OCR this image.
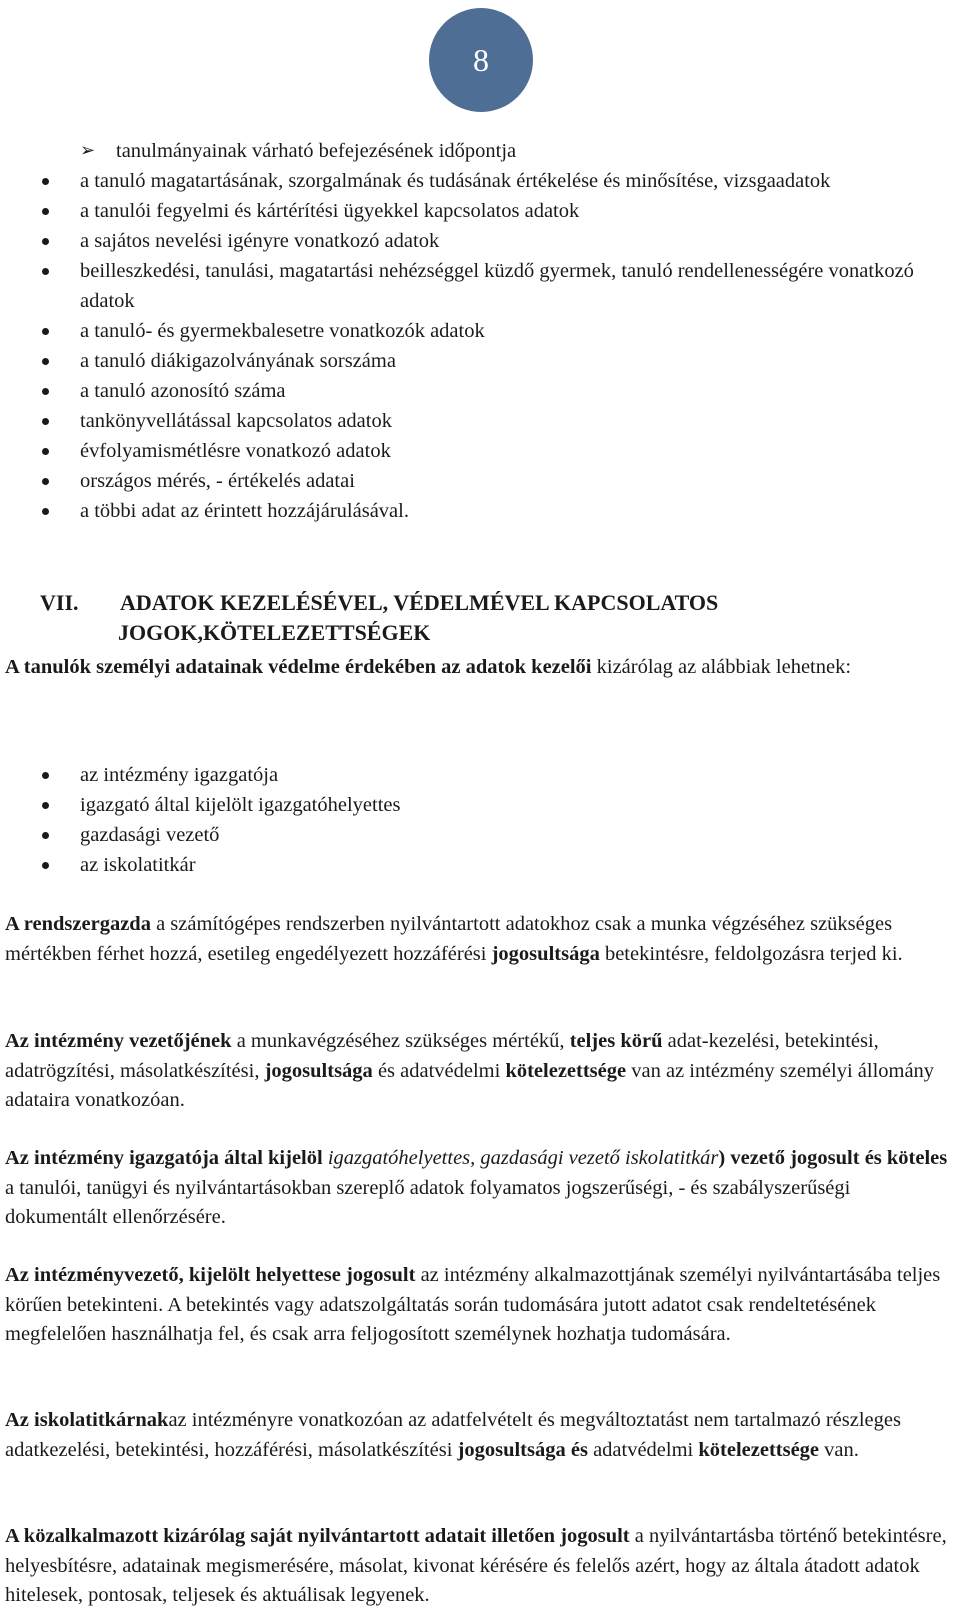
8
➢	tanulmányainak várható befejezésének időpontja
a tanuló magatartásának, szorgalmának és tudásának értékelése és minősítése, vizsgaadatok
a tanulói fegyelmi és kártérítési ügyekkel kapcsolatos adatok
a sajátos nevelési igényre vonatkozó adatok
beilleszkedési, tanulási, magatartási nehézséggel küzdő gyermek, tanuló rendellenességére vonatkozó adatok
a tanuló- és gyermekbalesetre vonatkozók adatok
a tanuló diákigazolványának sorszáma
a tanuló azonosító száma
tankönyvellátással kapcsolatos adatok
évfolyamismétlésre vonatkozó adatok
országos mérés, - értékelés adatai
a többi adat az érintett hozzájárulásával.
VII. ADATOK KEZELÉSÉVEL, VÉDELMÉVEL KAPCSOLATOS
JOGOK,KÖTELEZETTSÉGEK

A tanulók személyi adatainak védelme érdekében az adatok kezelői kizárólag az alábbiak lehetnek:

az intézmény igazgatója
igazgató által kijelölt igazgatóhelyettes
gazdasági vezető
az iskolatitkár

A rendszergazda a számítógépes rendszerben nyilvántartott adatokhoz csak a munka végzéséhez szükséges mértékben férhet hozzá, esetileg engedélyezett hozzáférési jogosultsága betekintésre, feldolgozásra terjed ki.

Az intézmény vezetőjének a munkavégzéséhez szükséges mértékű, teljes körű adat-kezelési, betekintési, adatrögzítési, másolatkészítési, jogosultsága és adatvédelmi kötelezettsége van az intézmény személyi állomány adataira vonatkozóan.

Az intézmény igazgatója által kijelöl igazgatóhelyettes, gazdasági vezető iskolatitkár) vezető jogosult és köteles a tanulói, tanügyi és nyilvántartásokban szereplő adatok folyamatos jogszerűségi, - és szabályszerűségi dokumentált ellenőrzésére.

Az intézményvezető, kijelölt helyettese jogosult az intézmény alkalmazottjának személyi nyilvántartásába teljes körűen betekinteni. A betekintés vagy adatszolgáltatás során tudomására jutott adatot csak rendeltetésének megfelelően használhatja fel, és csak arra feljogosított személynek hozhatja tudomására.

Az iskolatitkárnakaz intézményre vonatkozóan az adatfelvételt és megváltoztatást nem tartalmazó részleges adatkezelési, betekintési, hozzáférési, másolatkészítési jogosultsága és adatvédelmi kötelezettsége van.

A közalkalmazott kizárólag saját nyilvántartott adatait illetően jogosult a nyilvántartásba történő betekintésre, helyesbítésre, adatainak megismerésére, másolat, kivonat kérésére és felelős azért, hogy az általa átadott adatok hitelesek, pontosak, teljesek és aktuálisak legyenek.
